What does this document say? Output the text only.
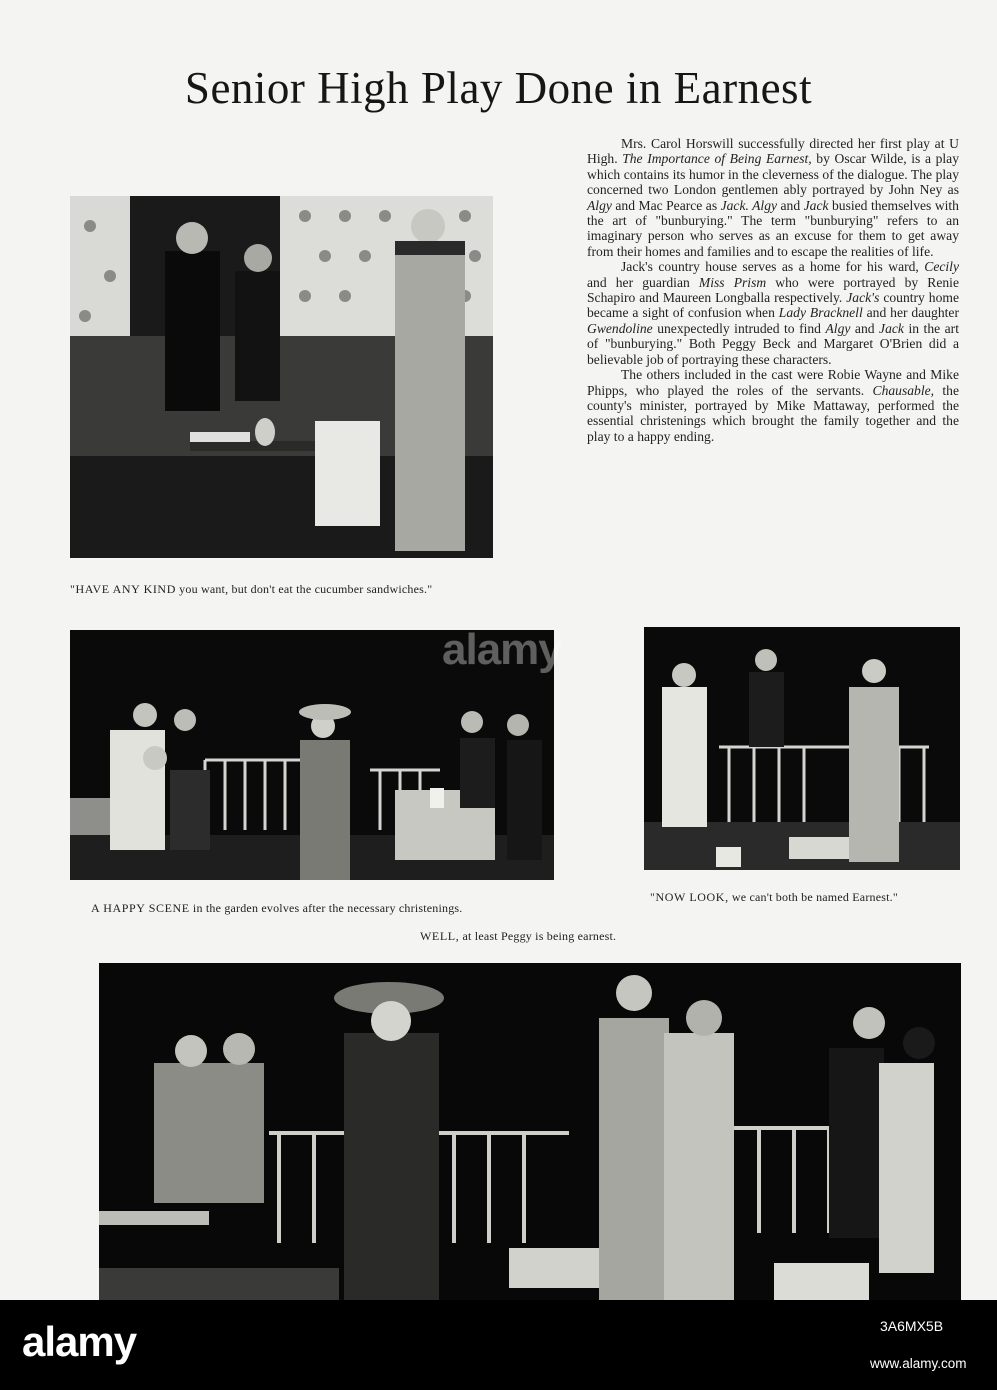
Senior High Play Done in Earnest
"HAVE ANY KIND you want, but don't eat the cucumber sandwiches."

Mrs. Carol Horswill successfully directed her first play at U High. The Importance of Being Earnest, by Oscar Wilde, is a play which contains its humor in the cleverness of the dialogue. The play concerned two London gentlemen ably portrayed by John Ney as Algy and Mac Pearce as Jack. Algy and Jack busied themselves with the art of "bunburying." The term "bunburying" refers to an imaginary person who serves as an excuse for them to get away from their homes and families and to escape the realities of life.

Jack's country house serves as a home for his ward, Cecily and her guardian Miss Prism who were portrayed by Renie Schapiro and Maureen Longballa respectively. Jack's country home became a sight of confusion when Lady Bracknell and her daughter Gwendoline unexpectedly intruded to find Algy and Jack in the art of "bunburying." Both Peggy Beck and Margaret O'Brien did a believable job of portraying these characters.

The others included in the cast were Robie Wayne and Mike Phipps, who played the roles of the servants. Chausable, the county's minister, portrayed by Mike Mattaway, performed the essential christenings which brought the family together and the play to a happy ending.

A HAPPY SCENE in the garden evolves after the necessary christenings.
"NOW LOOK, we can't both be named Earnest."
WELL, at least Peggy is being earnest.
52
alamy
alamy	3A6MX5B
www.alamy.com
